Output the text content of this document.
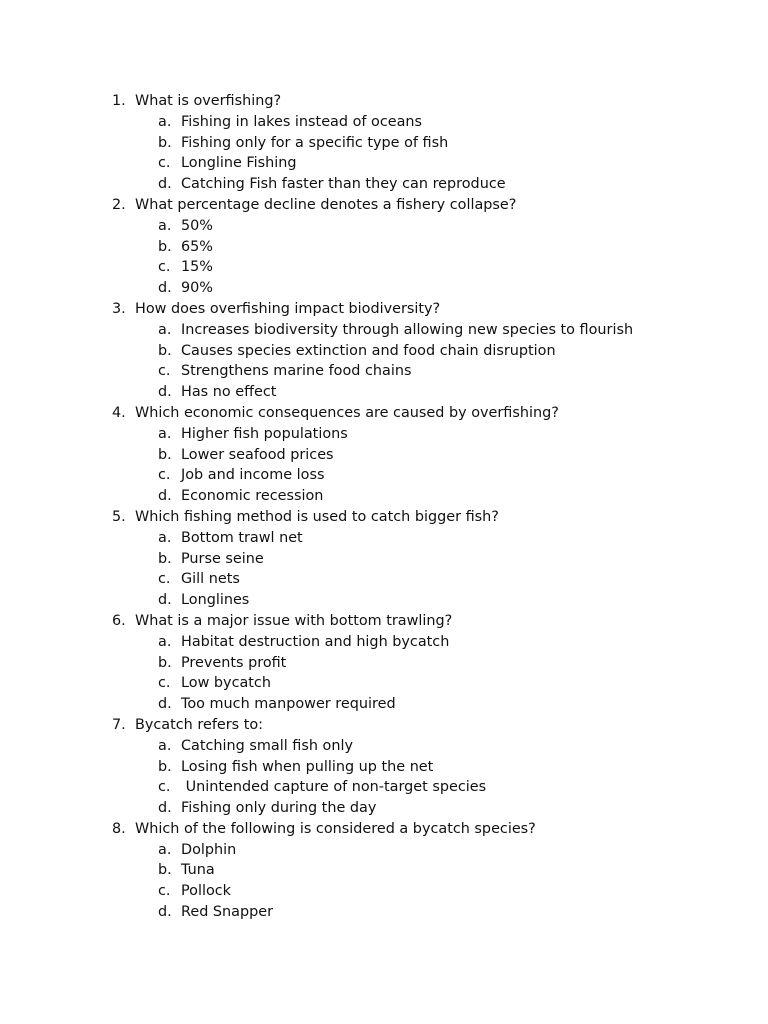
1. What is overfishing?
a. Fishing in lakes instead of oceans
b. Fishing only for a specific type of fish
c. Longline Fishing
d. Catching Fish faster than they can reproduce
2. What percentage decline denotes a fishery collapse?
a. 50%
b. 65%
c. 15%
d. 90%
3. How does overfishing impact biodiversity?
a. Increases biodiversity through allowing new species to flourish
b. Causes species extinction and food chain disruption
c. Strengthens marine food chains
d. Has no effect
4. Which economic consequences are caused by overfishing?
a. Higher fish populations
b. Lower seafood prices
c. Job and income loss
d. Economic recession
5. Which fishing method is used to catch bigger fish?
a. Bottom trawl net
b. Purse seine
c. Gill nets
d. Longlines
6. What is a major issue with bottom trawling?
a. Habitat destruction and high bycatch
b. Prevents profit
c. Low bycatch
d. Too much manpower required
7. Bycatch refers to:
a. Catching small fish only
b. Losing fish when pulling up the net
c. Unintended capture of non-target species
d. Fishing only during the day
8. Which of the following is considered a bycatch species?
a. Dolphin
b. Tuna
c. Pollock
d. Red Snapper
